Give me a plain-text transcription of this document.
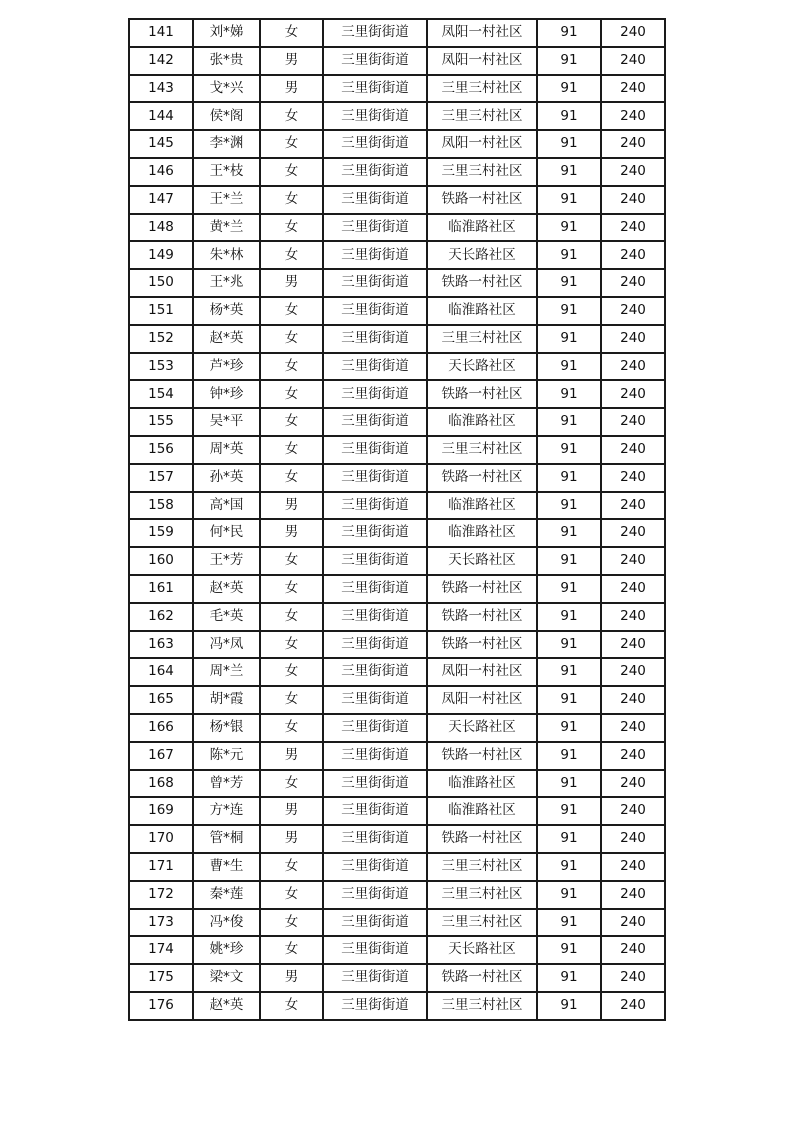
141	刘*娣	女	三里街街道	凤阳一村社区	91	240
142	张*贵	男	三里街街道	凤阳一村社区	91	240
143	戈*兴	男	三里街街道	三里三村社区	91	240
144	侯*阁	女	三里街街道	三里三村社区	91	240
145	李*渊	女	三里街街道	凤阳一村社区	91	240
146	王*枝	女	三里街街道	三里三村社区	91	240
147	王*兰	女	三里街街道	铁路一村社区	91	240
148	黄*兰	女	三里街街道	临淮路社区	91	240
149	朱*林	女	三里街街道	天长路社区	91	240
150	王*兆	男	三里街街道	铁路一村社区	91	240
151	杨*英	女	三里街街道	临淮路社区	91	240
152	赵*英	女	三里街街道	三里三村社区	91	240
153	芦*珍	女	三里街街道	天长路社区	91	240
154	钟*珍	女	三里街街道	铁路一村社区	91	240
155	吴*平	女	三里街街道	临淮路社区	91	240
156	周*英	女	三里街街道	三里三村社区	91	240
157	孙*英	女	三里街街道	铁路一村社区	91	240
158	高*国	男	三里街街道	临淮路社区	91	240
159	何*民	男	三里街街道	临淮路社区	91	240
160	王*芳	女	三里街街道	天长路社区	91	240
161	赵*英	女	三里街街道	铁路一村社区	91	240
162	毛*英	女	三里街街道	铁路一村社区	91	240
163	冯*凤	女	三里街街道	铁路一村社区	91	240
164	周*兰	女	三里街街道	凤阳一村社区	91	240
165	胡*霞	女	三里街街道	凤阳一村社区	91	240
166	杨*银	女	三里街街道	天长路社区	91	240
167	陈*元	男	三里街街道	铁路一村社区	91	240
168	曾*芳	女	三里街街道	临淮路社区	91	240
169	方*连	男	三里街街道	临淮路社区	91	240
170	管*桐	男	三里街街道	铁路一村社区	91	240
171	曹*生	女	三里街街道	三里三村社区	91	240
172	秦*莲	女	三里街街道	三里三村社区	91	240
173	冯*俊	女	三里街街道	三里三村社区	91	240
174	姚*珍	女	三里街街道	天长路社区	91	240
175	梁*文	男	三里街街道	铁路一村社区	91	240
176	赵*英	女	三里街街道	三里三村社区	91	240
